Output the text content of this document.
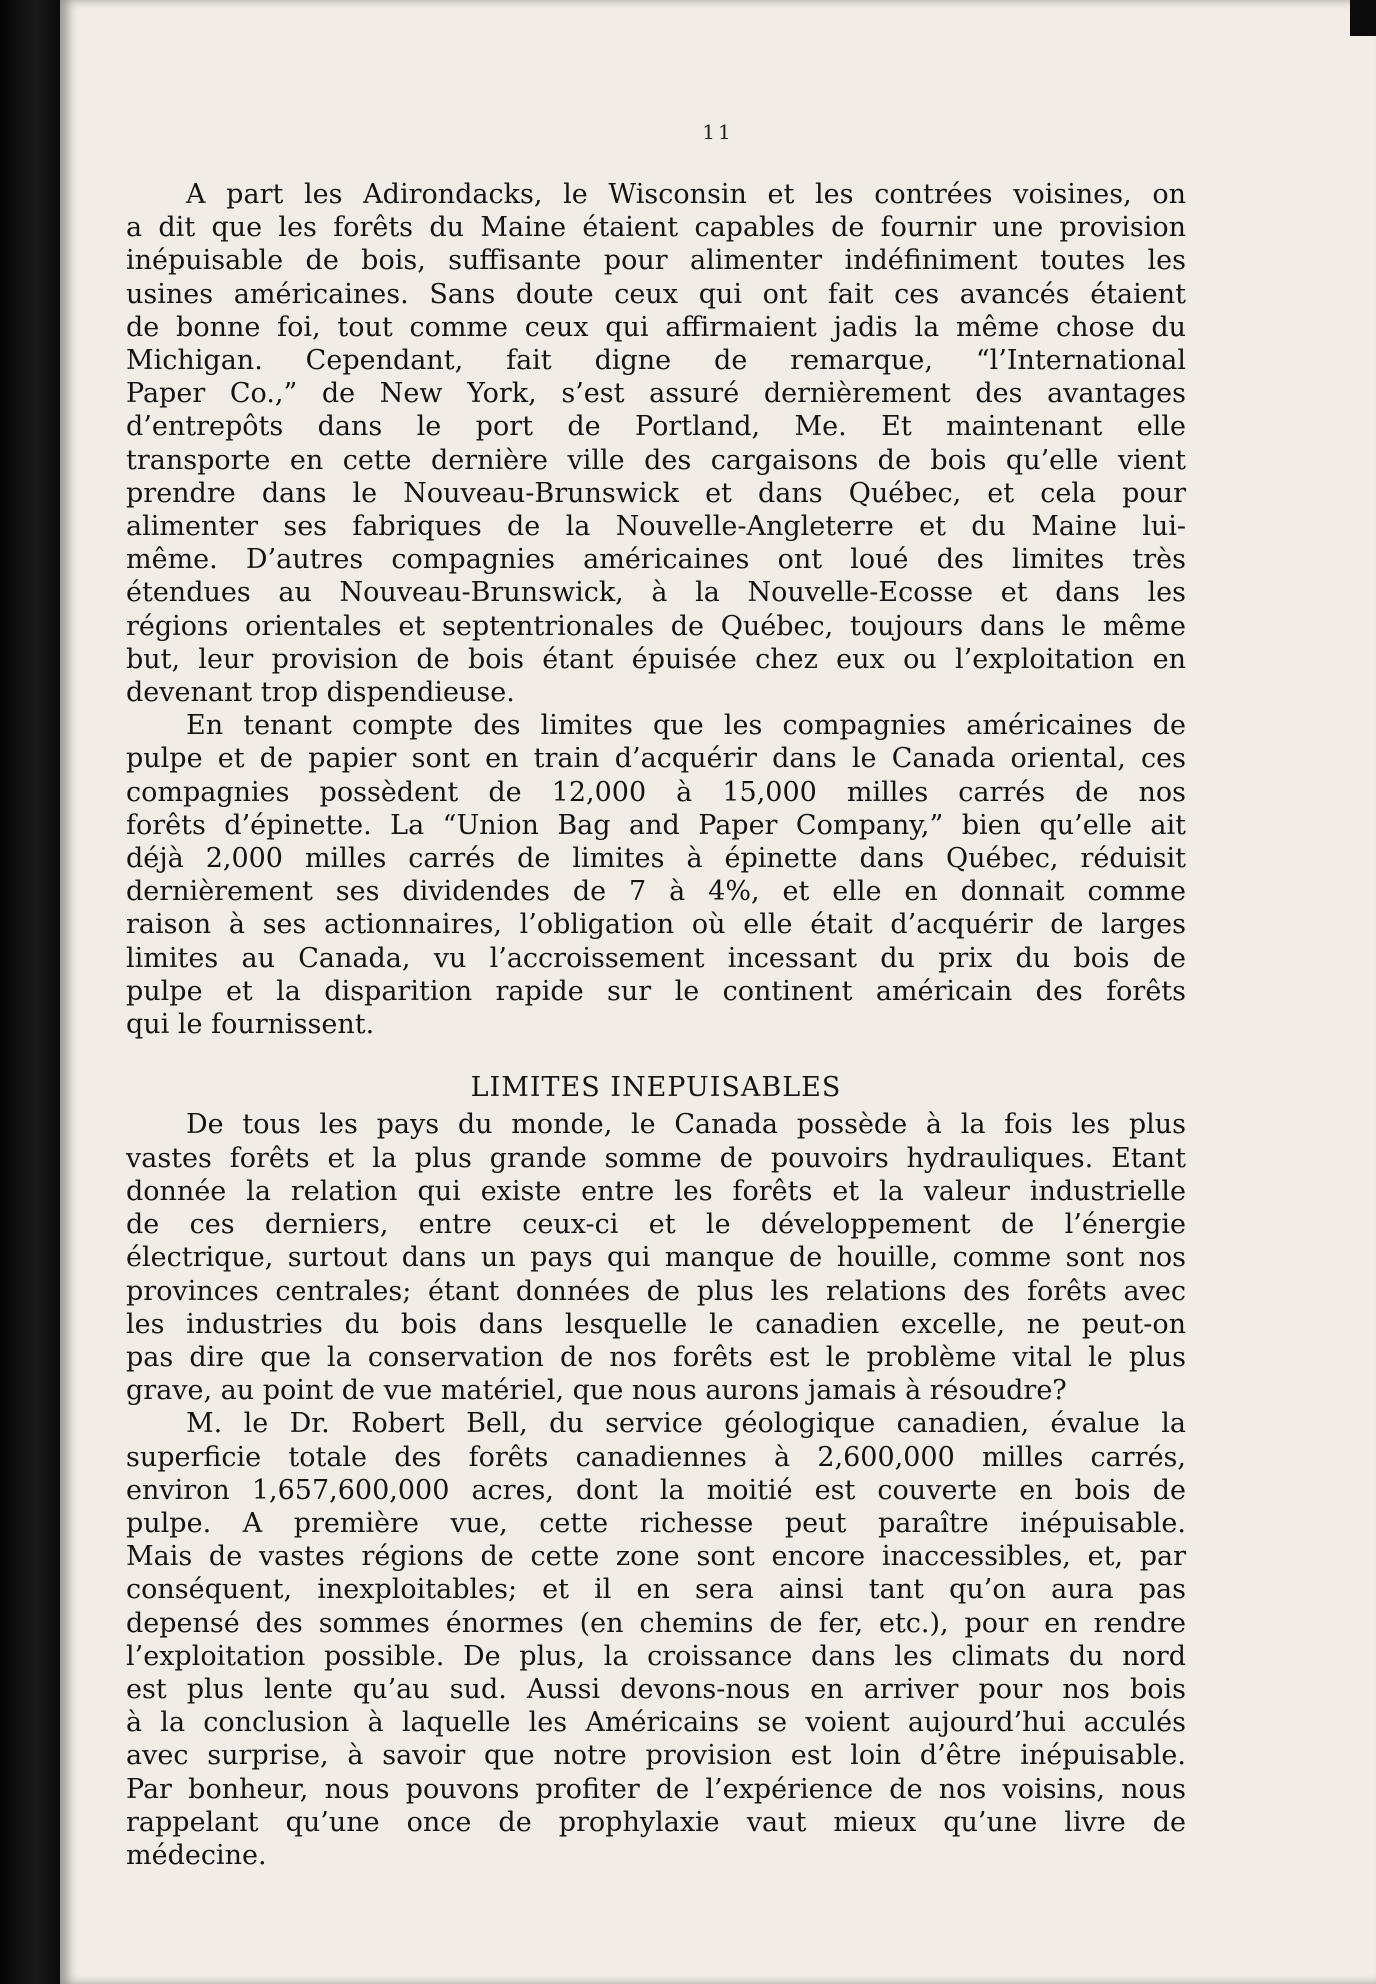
11
A part les Adirondacks, le Wisconsin et les contrées voisines, on
a dit que les forêts du Maine étaient capables de fournir une provision
inépuisable de bois, suffisante pour alimenter indéfiniment toutes les
usines américaines. Sans doute ceux qui ont fait ces avancés étaient
de bonne foi, tout comme ceux qui affirmaient jadis la même chose du
Michigan. Cependant, fait digne de remarque, “l’International
Paper Co.,” de New York, s’est assuré dernièrement des avantages
d’entrepôts dans le port de Portland, Me. Et maintenant elle
transporte en cette dernière ville des cargaisons de bois qu’elle vient
prendre dans le Nouveau-Brunswick et dans Québec, et cela pour
alimenter ses fabriques de la Nouvelle-Angleterre et du Maine lui-
même. D’autres compagnies américaines ont loué des limites très
étendues au Nouveau-Brunswick, à la Nouvelle-Ecosse et dans les
régions orientales et septentrionales de Québec, toujours dans le même
but, leur provision de bois étant épuisée chez eux ou l’exploitation en
devenant trop dispendieuse.
En tenant compte des limites que les compagnies américaines de
pulpe et de papier sont en train d’acquérir dans le Canada oriental, ces
compagnies possèdent de 12,000 à 15,000 milles carrés de nos
forêts d’épinette. La “Union Bag and Paper Company,” bien qu’elle ait
déjà 2,000 milles carrés de limites à épinette dans Québec, réduisit
dernièrement ses dividendes de 7 à 4%, et elle en donnait comme
raison à ses actionnaires, l’obligation où elle était d’acquérir de larges
limites au Canada, vu l’accroissement incessant du prix du bois de
pulpe et la disparition rapide sur le continent américain des forêts
qui le fournissent.
LIMITES INEPUISABLES
De tous les pays du monde, le Canada possède à la fois les plus
vastes forêts et la plus grande somme de pouvoirs hydrauliques. Etant
donnée la relation qui existe entre les forêts et la valeur industrielle
de ces derniers, entre ceux-ci et le développement de l’énergie
électrique, surtout dans un pays qui manque de houille, comme sont nos
provinces centrales; étant données de plus les relations des forêts avec
les industries du bois dans lesquelle le canadien excelle, ne peut-on
pas dire que la conservation de nos forêts est le problème vital le plus
grave, au point de vue matériel, que nous aurons jamais à résoudre?
M. le Dr. Robert Bell, du service géologique canadien, évalue la
superficie totale des forêts canadiennes à 2,600,000 milles carrés,
environ 1,657,600,000 acres, dont la moitié est couverte en bois de
pulpe. A première vue, cette richesse peut paraître inépuisable.
Mais de vastes régions de cette zone sont encore inaccessibles, et, par
conséquent, inexploitables; et il en sera ainsi tant qu’on aura pas
depensé des sommes énormes (en chemins de fer, etc.), pour en rendre
l’exploitation possible. De plus, la croissance dans les climats du nord
est plus lente qu’au sud. Aussi devons-nous en arriver pour nos bois
à la conclusion à laquelle les Américains se voient aujourd’hui acculés
avec surprise, à savoir que notre provision est loin d’être inépuisable.
Par bonheur, nous pouvons profiter de l’expérience de nos voisins, nous
rappelant qu’une once de prophylaxie vaut mieux qu’une livre de
médecine.
